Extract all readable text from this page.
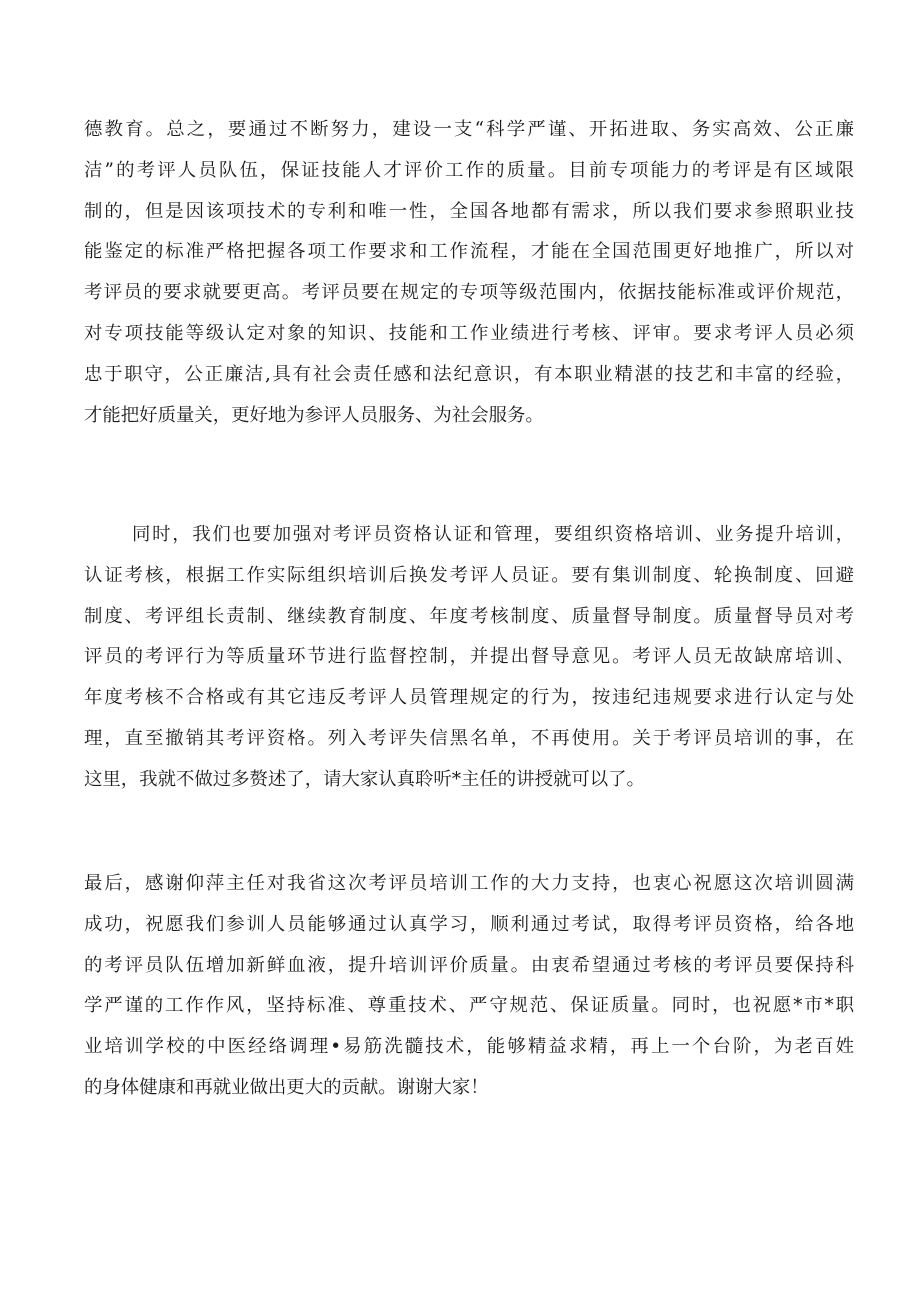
德教育。总之，要通过不断努力，建设一支“科学严谨、开拓进取、务实高效、公正廉
洁”的考评人员队伍，保证技能人才评价工作的质量。目前专项能力的考评是有区域限
制的，但是因该项技术的专利和唯一性，全国各地都有需求，所以我们要求参照职业技
能鉴定的标准严格把握各项工作要求和工作流程，才能在全国范围更好地推广，所以对
考评员的要求就要更高。考评员要在规定的专项等级范围内，依据技能标准或评价规范，
对专项技能等级认定对象的知识、技能和工作业绩进行考核、评审。要求考评人员必须
忠于职守，公正廉洁,具有社会责任感和法纪意识，有本职业精湛的技艺和丰富的经验，
才能把好质量关，更好地为参评人员服务、为社会服务。

同时，我们也要加强对考评员资格认证和管理，要组织资格培训、业务提升培训，
认证考核，根据工作实际组织培训后换发考评人员证。要有集训制度、轮换制度、回避
制度、考评组长责制、继续教育制度、年度考核制度、质量督导制度。质量督导员对考
评员的考评行为等质量环节进行监督控制，并提出督导意见。考评人员无故缺席培训、
年度考核不合格或有其它违反考评人员管理规定的行为，按违纪违规要求进行认定与处
理，直至撤销其考评资格。列入考评失信黑名单，不再使用。关于考评员培训的事，在
这里，我就不做过多赘述了，请大家认真聆听*主任的讲授就可以了。

最后，感谢仰萍主任对我省这次考评员培训工作的大力支持，也衷心祝愿这次培训圆满
成功，祝愿我们参训人员能够通过认真学习，顺利通过考试，取得考评员资格，给各地
的考评员队伍增加新鲜血液，提升培训评价质量。由衷希望通过考核的考评员要保持科
学严谨的工作作风，坚持标准、尊重技术、严守规范、保证质量。同时，也祝愿*市*职
业培训学校的中医经络调理•易筋洗髓技术，能够精益求精，再上一个台阶，为老百姓
的身体健康和再就业做出更大的贡献。谢谢大家！
